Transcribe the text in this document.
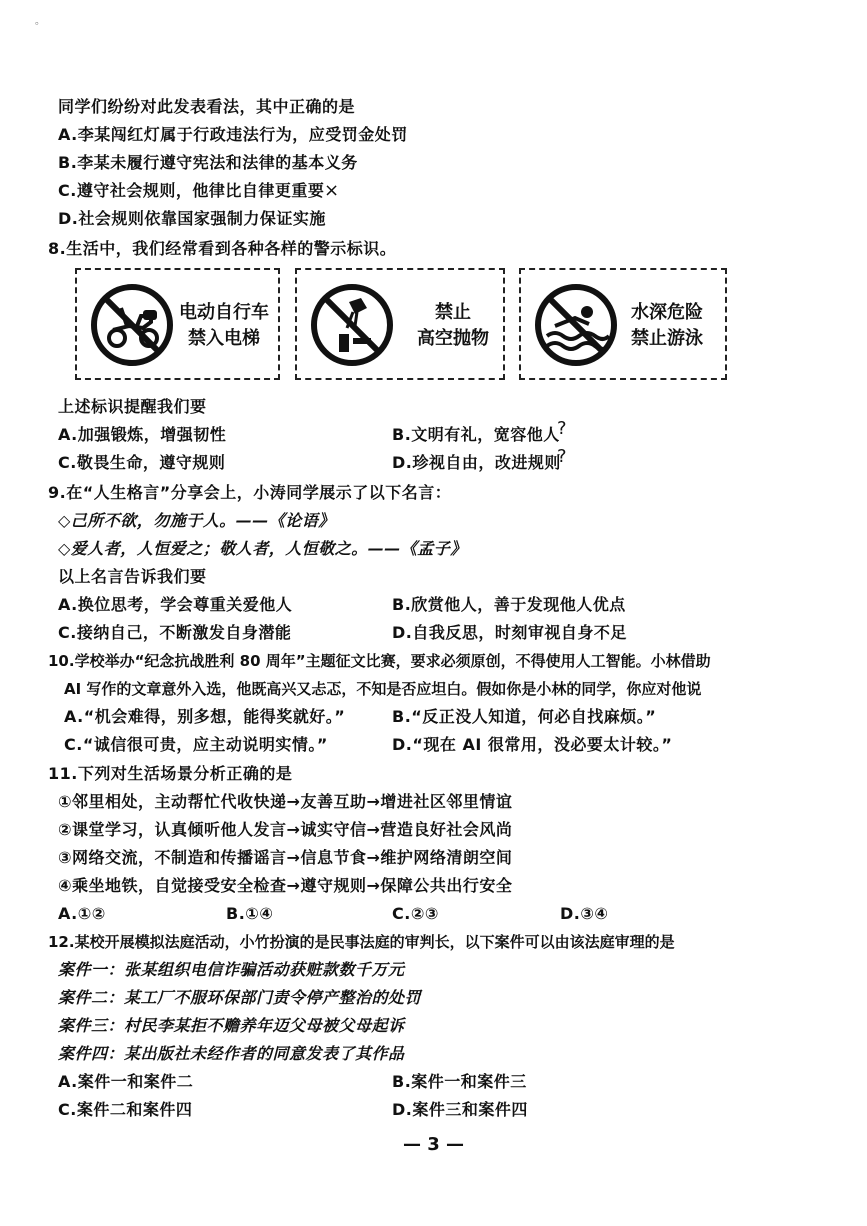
。
同学们纷纷对此发表看法，其中正确的是
A.李某闯红灯属于行政违法行为，应受罚金处罚
B.李某未履行遵守宪法和法律的基本义务
C.遵守社会规则，他律比自律更重要 ×
D.社会规则依靠国家强制力保证实施
8.生活中，我们经常看到各种各样的警示标识。
电动自行车
禁入电梯
禁止
高空抛物
水深危险
禁止游泳
上述标识提醒我们要
A.加强锻炼，增强韧性	B.文明有礼，宽容他人
?
C.敬畏生命，遵守规则	D.珍视自由，改进规则
?
9.在“人生格言”分享会上，小涛同学展示了以下名言：
◇己所不欲，勿施于人。——《论语》
◇爱人者，人恒爱之；敬人者，人恒敬之。——《孟子》
以上名言告诉我们要
A.换位思考，学会尊重关爱他人	B.欣赏他人，善于发现他人优点
C.接纳自己，不断激发自身潜能	D.自我反思，时刻审视自身不足
10.学校举办“纪念抗战胜利 80 周年”主题征文比赛，要求必须原创，不得使用人工智能。小林借助
AI 写作的文章意外入选，他既高兴又忐忑，不知是否应坦白。假如你是小林的同学，你应对他说
A.“机会难得，别多想，能得奖就好。”	B.“反正没人知道，何必自找麻烦。”
C.“诚信很可贵，应主动说明实情。”	D.“现在 AI 很常用，没必要太计较。”
11.下列对生活场景分析正确的是
①邻里相处，主动帮忙代收快递→友善互助→增进社区邻里情谊
②课堂学习，认真倾听他人发言→诚实守信→营造良好社会风尚
③网络交流，不制造和传播谣言→信息节食→维护网络清朗空间
④乘坐地铁，自觉接受安全检查→遵守规则→保障公共出行安全
A.①②	B.①④	C.②③	D.③④
12.某校开展模拟法庭活动，小竹扮演的是民事法庭的审判长，以下案件可以由该法庭审理的是
案件一：张某组织电信诈骗活动获赃款数千万元
案件二：某工厂不服环保部门责令停产整治的处罚
案件三：村民李某拒不赡养年迈父母被父母起诉
案件四：某出版社未经作者的同意发表了其作品
A.案件一和案件二	B.案件一和案件三
C.案件二和案件四	D.案件三和案件四
— 3 —
